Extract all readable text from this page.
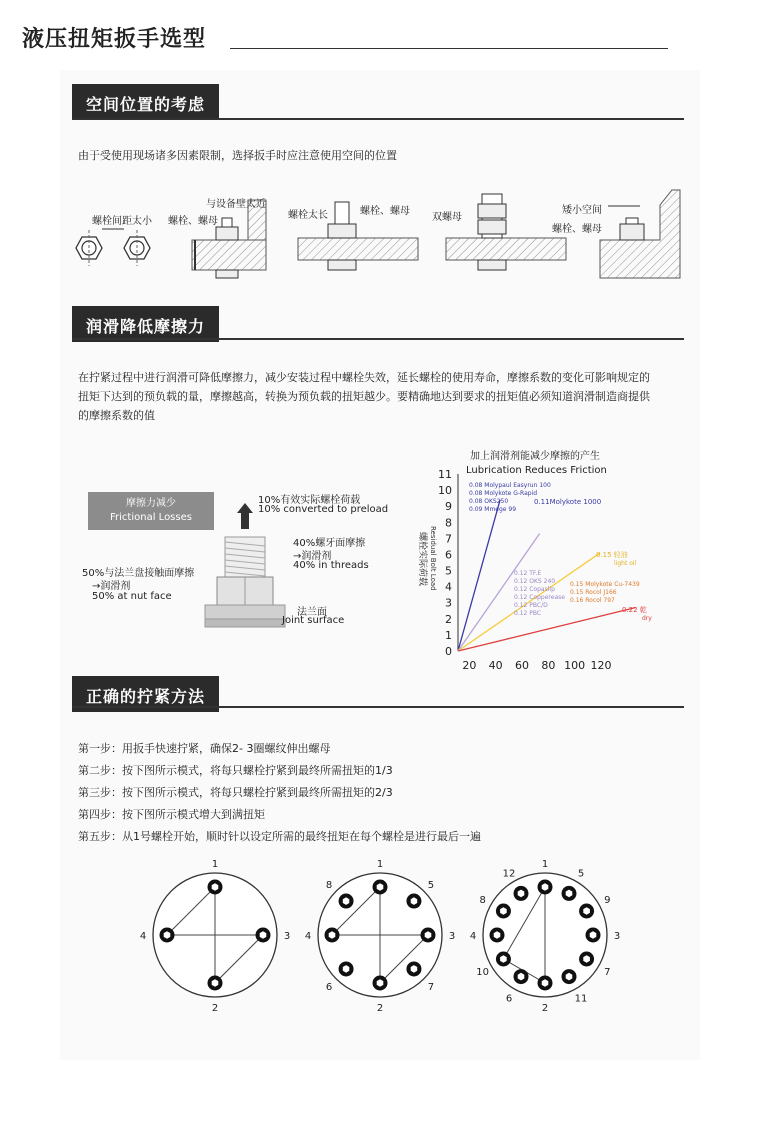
液压扭矩扳手选型
空间位置的考虑
由于受使用现场诸多因素限制，选择扳手时应注意使用空间的位置
螺栓间距太小
与设备壁太近
螺栓、螺母
螺栓太长	螺栓、螺母
双螺母
矮小空间
螺栓、螺母
润滑降低摩擦力
在拧紧过程中进行润滑可降低摩擦力，减少安装过程中螺栓失效，延长螺栓的使用寿命，摩擦系数的变化可影响规定的
扭矩下达到的预负载的量，摩擦越高，转换为预负载的扭矩越少。要精确地达到要求的扭矩值必须知道润滑制造商提供
的摩擦系数的值
摩擦力减少
Frictional Losses
10%有效实际螺栓荷载
10% converted to preload
40%螺牙面摩擦
→润滑剂
40% in threads
50%与法兰盘接触面摩擦
→润滑剂
50% at nut face
法兰面
Joint surface
加上润滑剂能减少摩擦的产生
Lubrication Reduces Friction
螺栓实际荷载 Residual Bolt Load
0
1
2
3
4
5
6
7
8
9
10
11
20 40 60 80 100 120
0.08 Molypaul Easyrun 100
0.08 Molykote G-Rapid
0.08 OKS250
0.09 Mmege 99
0.11Molykote 1000
0.12 TF.E
0.12 OKS 240
0.12 Copaslip
0.12 Copperease
0.12 PBC/D
0.12 PBC
0.15 轻油
light oil
0.15 Molykote Cu-7439
0.15 Rocol J166
0.16 Rocol 797
0.22 乾
dry
正确的拧紧方法
第一步：用扳手快速拧紧，确保2- 3圈螺纹伸出螺母
第二步：按下图所示模式，将每只螺栓拧紧到最终所需扭矩的1/3
第三步：按下图所示模式，将每只螺栓拧紧到最终所需扭矩的2/3
第四步：按下图所示模式增大到满扭矩
第五步：从1号螺栓开始，顺时针以设定所需的最终扭矩在每个螺栓是进行最后一遍
1
3
2
4
1
5
3
7
2
6
4
8
1
5
9
3
7
11
2
6
10
4
8
12
